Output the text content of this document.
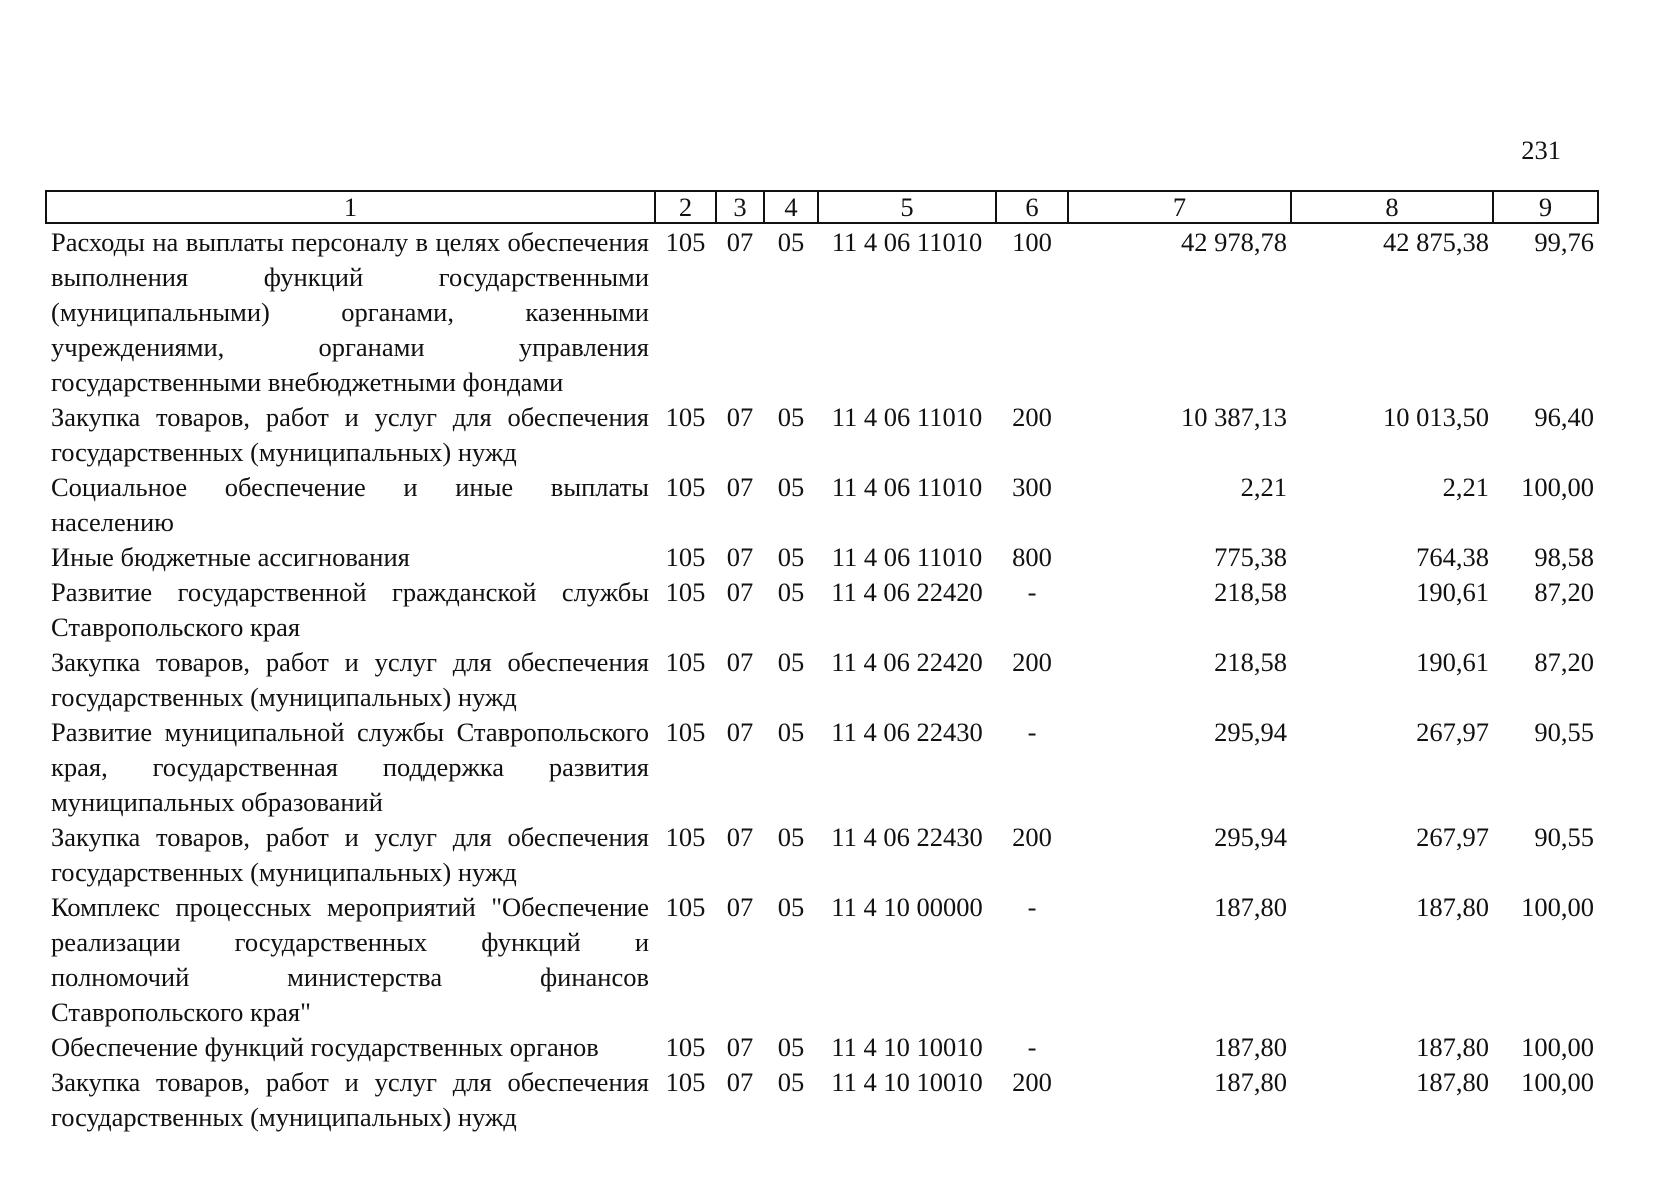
231
1	2	3	4	5	6	7	8	9
Расходы на выплаты персоналу в целях обеспечения выполнения функций государственными (муниципальными) органами, казенными учреждениями, органами управления государственными внебюджетными фондами	105	07	05	11 4 06 11010	100	42 978,78	42 875,38	99,76
Закупка товаров, работ и услуг для обеспечения государственных (муниципальных) нужд	105	07	05	11 4 06 11010	200	10 387,13	10 013,50	96,40
Социальное обеспечение и иные выплаты населению	105	07	05	11 4 06 11010	300	2,21	2,21	100,00
Иные бюджетные ассигнования	105	07	05	11 4 06 11010	800	775,38	764,38	98,58
Развитие государственной гражданской службы Ставропольского края	105	07	05	11 4 06 22420	-	218,58	190,61	87,20
Закупка товаров, работ и услуг для обеспечения государственных (муниципальных) нужд	105	07	05	11 4 06 22420	200	218,58	190,61	87,20
Развитие муниципальной службы Ставропольского края, государственная поддержка развития муниципальных образований	105	07	05	11 4 06 22430	-	295,94	267,97	90,55
Закупка товаров, работ и услуг для обеспечения государственных (муниципальных) нужд	105	07	05	11 4 06 22430	200	295,94	267,97	90,55
Комплекс процессных мероприятий "Обеспечение реализации государственных функций и полномочий министерства финансов Ставропольского края"	105	07	05	11 4 10 00000	-	187,80	187,80	100,00
Обеспечение функций государственных органов	105	07	05	11 4 10 10010	-	187,80	187,80	100,00
Закупка товаров, работ и услуг для обеспечения государственных (муниципальных) нужд	105	07	05	11 4 10 10010	200	187,80	187,80	100,00
